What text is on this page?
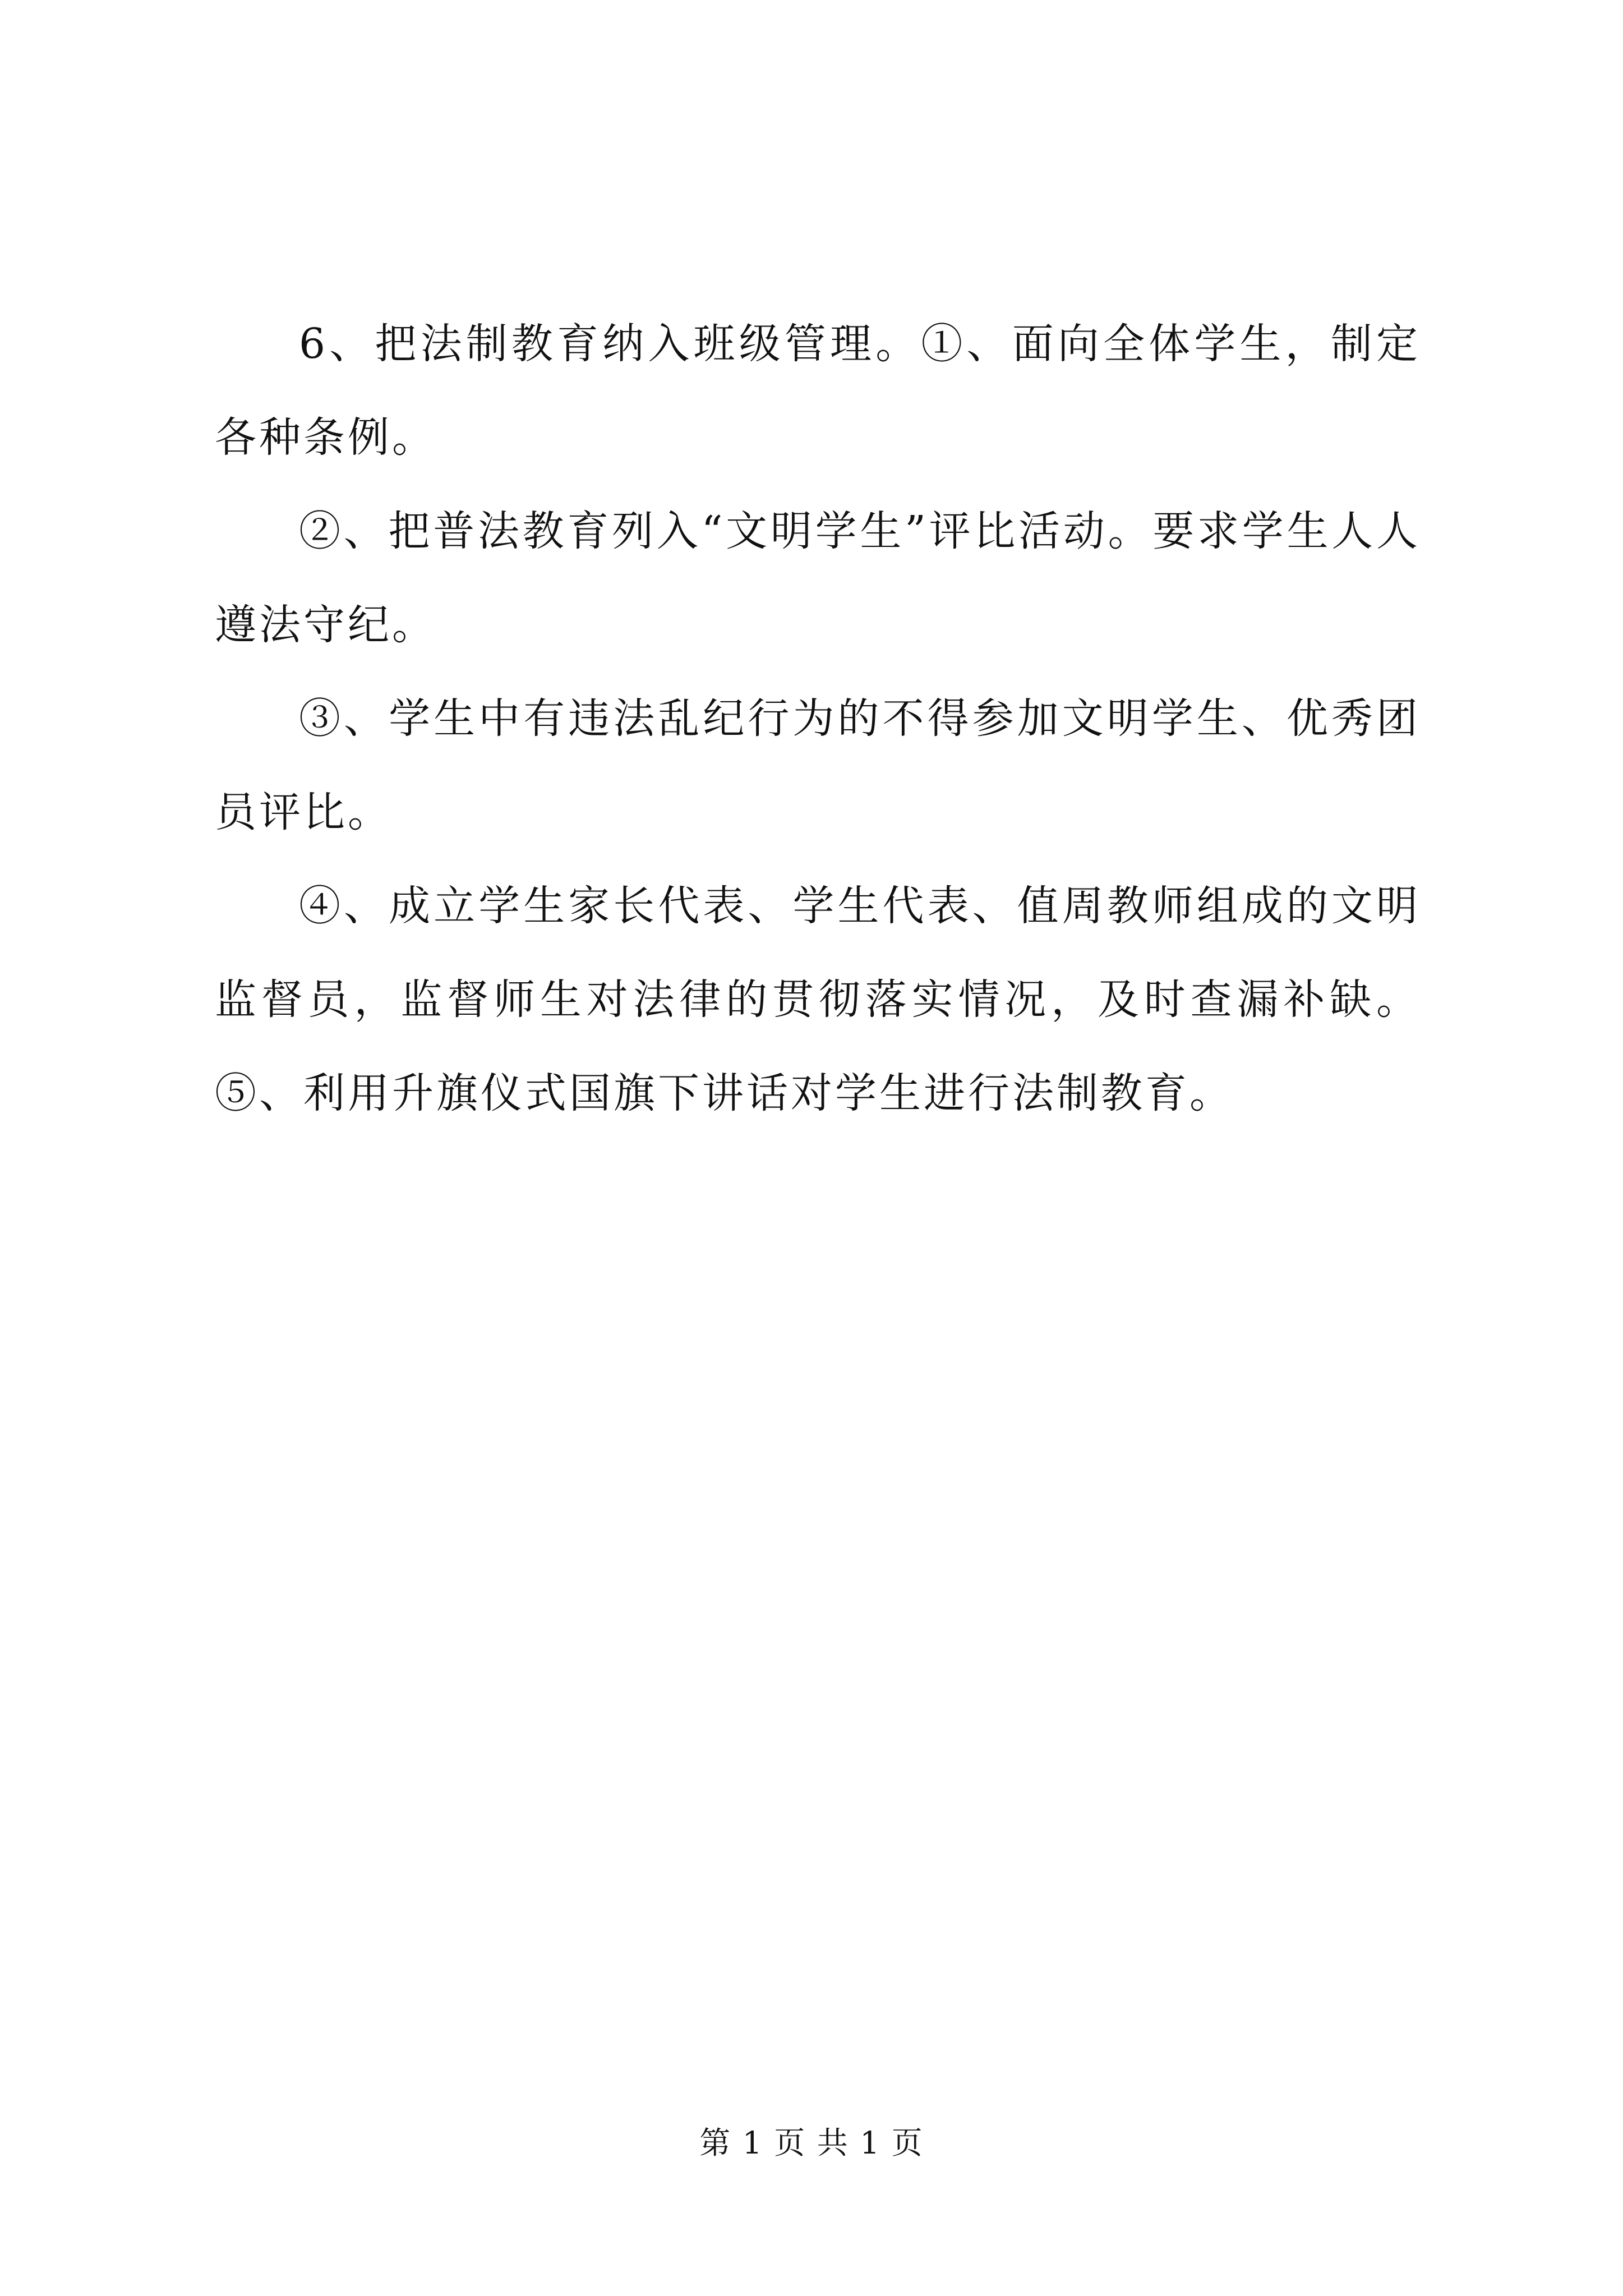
6、把法制教育纳入班级管理。①、面向全体学生，制定各种条例。

②、把普法教育列入“文明学生”评比活动。要求学生人人遵法守纪。

③、学生中有违法乱纪行为的不得参加文明学生、优秀团员评比。

④、成立学生家长代表、学生代表、值周教师组成的文明监督员，监督师生对法律的贯彻落实情况，及时查漏补缺。⑤、利用升旗仪式国旗下讲话对学生进行法制教育。

第 1 页 共 1 页
